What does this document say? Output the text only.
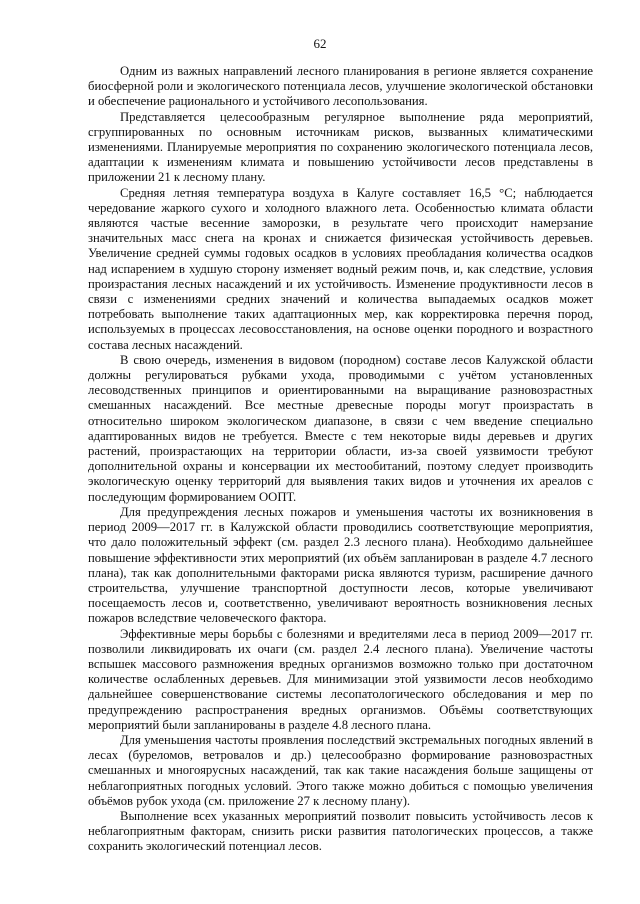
62

Одним из важных направлений лесного планирования в регионе является сохранение биосферной роли и экологического потенциала лесов, улучшение экологической обстановки и обеспечение рационального и устойчивого лесопользования.

Представляется целесообразным регулярное выполнение ряда мероприятий, сгруппированных по основным источникам рисков, вызванных климатическими изменениями. Планируемые мероприятия по сохранению экологического потенциала лесов, адаптации к изменениям климата и повышению устойчивости лесов представлены в приложении 21 к лесному плану.

Средняя летняя температура воздуха в Калуге составляет 16,5 °C; наблюдается чередование жаркого сухого и холодного влажного лета. Особенностью климата области являются частые весенние заморозки, в результате чего происходит намерзание значительных масс снега на кронах и снижается физическая устойчивость деревьев. Увеличение средней суммы годовых осадков в условиях преобладания количества осадков над испарением в худшую сторону изменяет водный режим почв, и, как следствие, условия произрастания лесных насаждений и их устойчивость. Изменение продуктивности лесов в связи с изменениями средних значений и количества выпадаемых осадков может потребовать выполнение таких адаптационных мер, как корректировка перечня пород, используемых в процессах лесовосстановления, на основе оценки породного и возрастного состава лесных насаждений.

В свою очередь, изменения в видовом (породном) составе лесов Калужской области должны регулироваться рубками ухода, проводимыми с учётом установленных лесоводственных принципов и ориентированными на выращивание разновозрастных смешанных насаждений. Все местные древесные породы могут произрастать в относительно широком экологическом диапазоне, в связи с чем введение специально адаптированных видов не требуется. Вместе с тем некоторые виды деревьев и других растений, произрастающих на территории области, из-за своей уязвимости требуют дополнительной охраны и консервации их местообитаний, поэтому следует производить экологическую оценку территорий для выявления таких видов и уточнения их ареалов с последующим формированием ООПТ.

Для предупреждения лесных пожаров и уменьшения частоты их возникновения в период 2009—2017 гг. в Калужской области проводились соответствующие мероприятия, что дало положительный эффект (см. раздел 2.3 лесного плана). Необходимо дальнейшее повышение эффективности этих мероприятий (их объём запланирован в разделе 4.7 лесного плана), так как дополнительными факторами риска являются туризм, расширение дачного строительства, улучшение транспортной доступности лесов, которые увеличивают посещаемость лесов и, соответственно, увеличивают вероятность возникновения лесных пожаров вследствие человеческого фактора.

Эффективные меры борьбы с болезнями и вредителями леса в период 2009—2017 гг. позволили ликвидировать их очаги (см. раздел 2.4 лесного плана). Увеличение частоты вспышек массового размножения вредных организмов возможно только при достаточном количестве ослабленных деревьев. Для минимизации этой уязвимости лесов необходимо дальнейшее совершенствование системы лесопатологического обследования и мер по предупреждению распространения вредных организмов. Объёмы соответствующих мероприятий были запланированы в разделе 4.8 лесного плана.

Для уменьшения частоты проявления последствий экстремальных погодных явлений в лесах (буреломов, ветровалов и др.) целесообразно формирование разновозрастных смешанных и многоярусных насаждений, так как такие насаждения больше защищены от неблагоприятных погодных условий. Этого также можно добиться с помощью увеличения объёмов рубок ухода (см. приложение 27 к лесному плану).

Выполнение всех указанных мероприятий позволит повысить устойчивость лесов к неблагоприятным факторам, снизить риски развития патологических процессов, а также сохранить экологический потенциал лесов.
